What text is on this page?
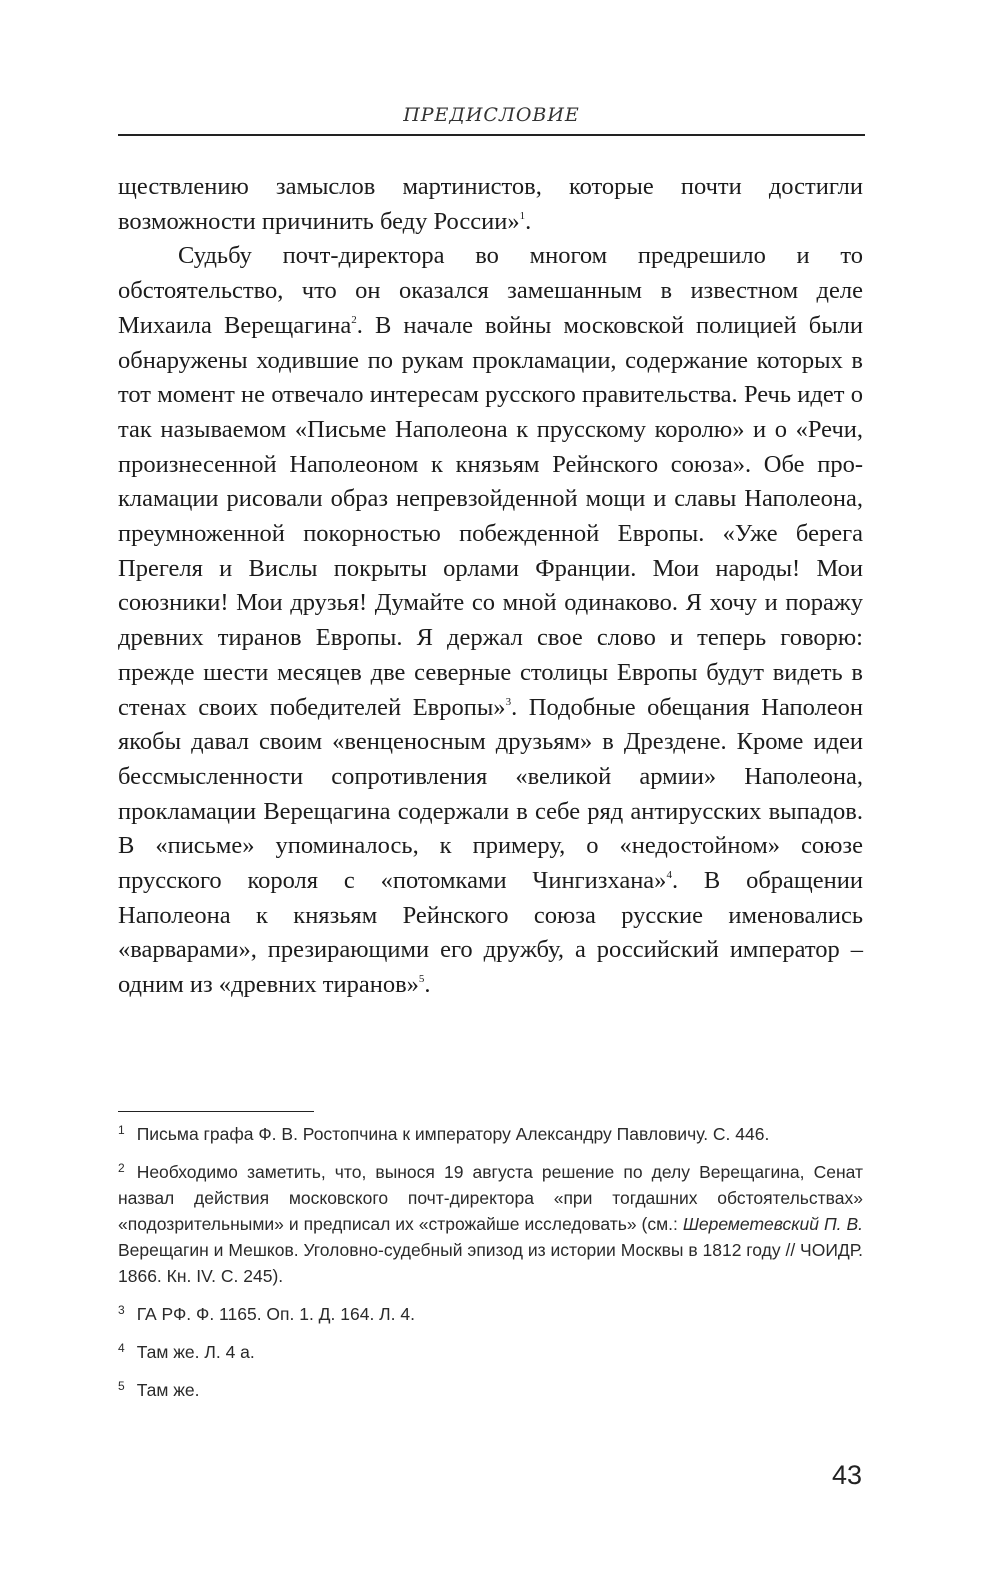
ПРЕДИСЛОВИЕ

ществлению замыслов мартинистов, которые почти достигли возможности причинить беду России»$^1$.

Судьбу почт-директора во многом предрешило и то обстоятельство, что он оказался замешанным в известном деле Михаила Верещагина$^2$. В начале войны московской полицией были обнаружены ходившие по рукам прокламации, содержание которых в тот момент не отвечало интересам русского правительства. Речь идет о так называемом «Письме Наполеона к прусскому королю» и о «Речи, произнесенной Наполеоном к князьям Рейнского союза». Обе прокламации рисовали образ непревзойденной мощи и славы Наполеона, преумноженной покорностью побежденной Европы. «Уже берега Прегеля и Вислы покрыты орлами Франции. Мои народы! Мои союзники! Мои друзья! Думайте со мной одинаково. Я хочу и поражу древних тиранов Европы. Я держал свое слово и теперь говорю: прежде шести месяцев две северные столицы Европы будут видеть в стенах своих победителей Европы»$^3$. Подобные обещания Наполеон якобы давал своим «венценосным друзьям» в Дрездене. Кроме идеи бессмысленности сопротивления «великой армии» Наполеона, прокламации Верещагина содержали в себе ряд антирусских выпадов. В «письме» упоминалось, к примеру, о «недостойном» союзе прусского короля с «потомками Чингизхана»$^4$. В обращении Наполеона к князьям Рейнского союза русские именовались «варварами», презирающими его дружбу, а российский император – одним из «древних тиранов»$^5$.

$^1$ Письма графа Ф. В. Ростопчина к императору Александру Павловичу. С. 446.
$^2$ Необходимо заметить, что, вынося 19 августа решение по делу Верещагина, Сенат назвал действия московского почт-директора «при тогдашних обстоятельствах» «подозрительными» и предписал их «строжайше исследовать» (см.: Шереметевский П. В. Верещагин и Мешков. Уголовно-судебный эпизод из истории Москвы в 1812 году // ЧОИДР. 1866. Кн. IV. С. 245).
$^3$ ГА РФ. Ф. 1165. Оп. 1. Д. 164. Л. 4.
$^4$ Там же. Л. 4 а.
$^5$ Там же.
43
